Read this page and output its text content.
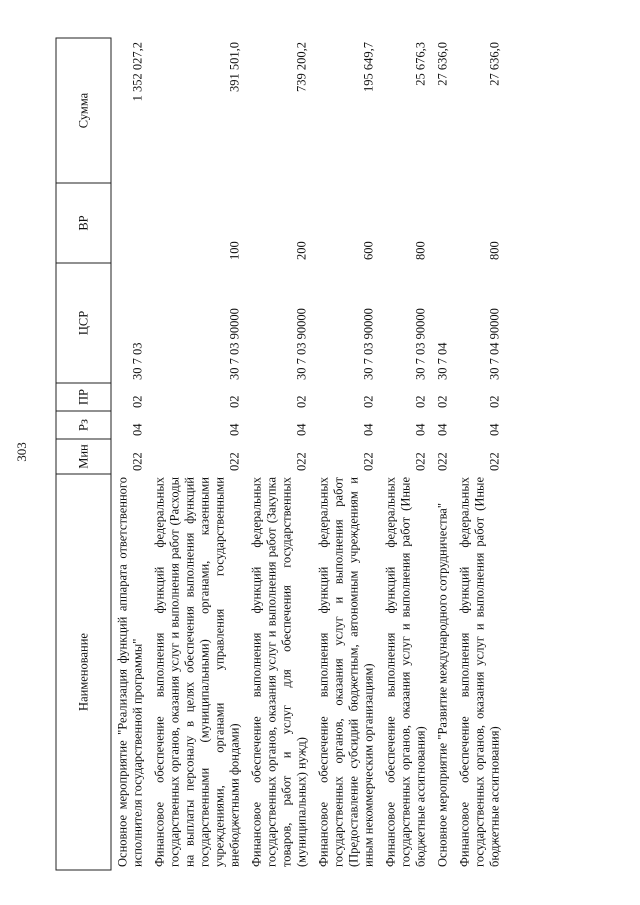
303
Наименование	Мин	Рз	ПР	ЦСР	ВР	Сумма
Основное мероприятие "Реализация функций аппарата ответственного исполнителя государственной программы"	022	04	02	30 7 03		1 352 027,2
Финансовое обеспечение выполнения функций федеральных государственных органов, оказания услуг и выполнения работ (Расходы на выплаты персоналу в целях обеспечения выполнения функций государственными (муниципальными) органами, казенными учреждениями, органами управления государственными внебюджетными фондами)	022	04	02	30 7 03 90000	100	391 501,0
Финансовое обеспечение выполнения функций федеральных государственных органов, оказания услуг и выполнения работ (Закупка товаров, работ и услуг для обеспечения государственных (муниципальных) нужд)	022	04	02	30 7 03 90000	200	739 200,2
Финансовое обеспечение выполнения функций федеральных государственных органов, оказания услуг и выполнения работ (Предоставление субсидий бюджетным, автономным учреждениям и иным некоммерческим организациям)	022	04	02	30 7 03 90000	600	195 649,7
Финансовое обеспечение выполнения функций федеральных государственных органов, оказания услуг и выполнения работ (Иные бюджетные ассигнования)	022	04	02	30 7 03 90000	800	25 676,3
Основное мероприятие "Развитие международного сотрудничества"	022	04	02	30 7 04		27 636,0
Финансовое обеспечение выполнения функций федеральных государственных органов, оказания услуг и выполнения работ (Иные бюджетные ассигнования)	022	04	02	30 7 04 90000	800	27 636,0
